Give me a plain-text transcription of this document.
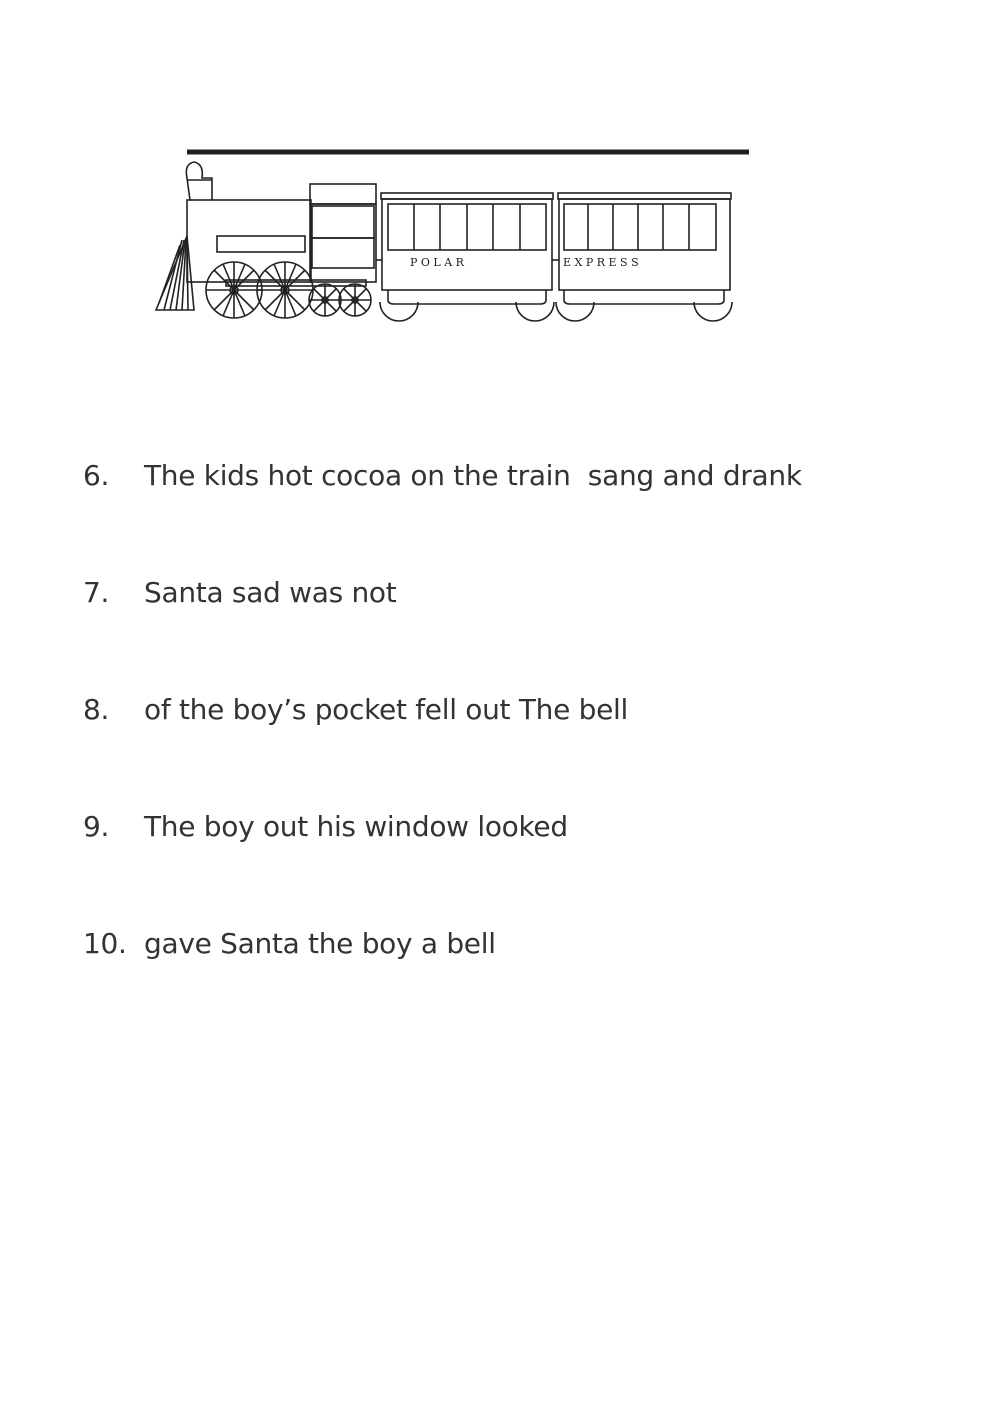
P O L A R	E X P R E S S
6. The kids hot cocoa on the train  sang and drank
7. Santa sad was not
8. of the boy’s pocket fell out The bell
9. The boy out his window looked
10. gave Santa the boy a bell
